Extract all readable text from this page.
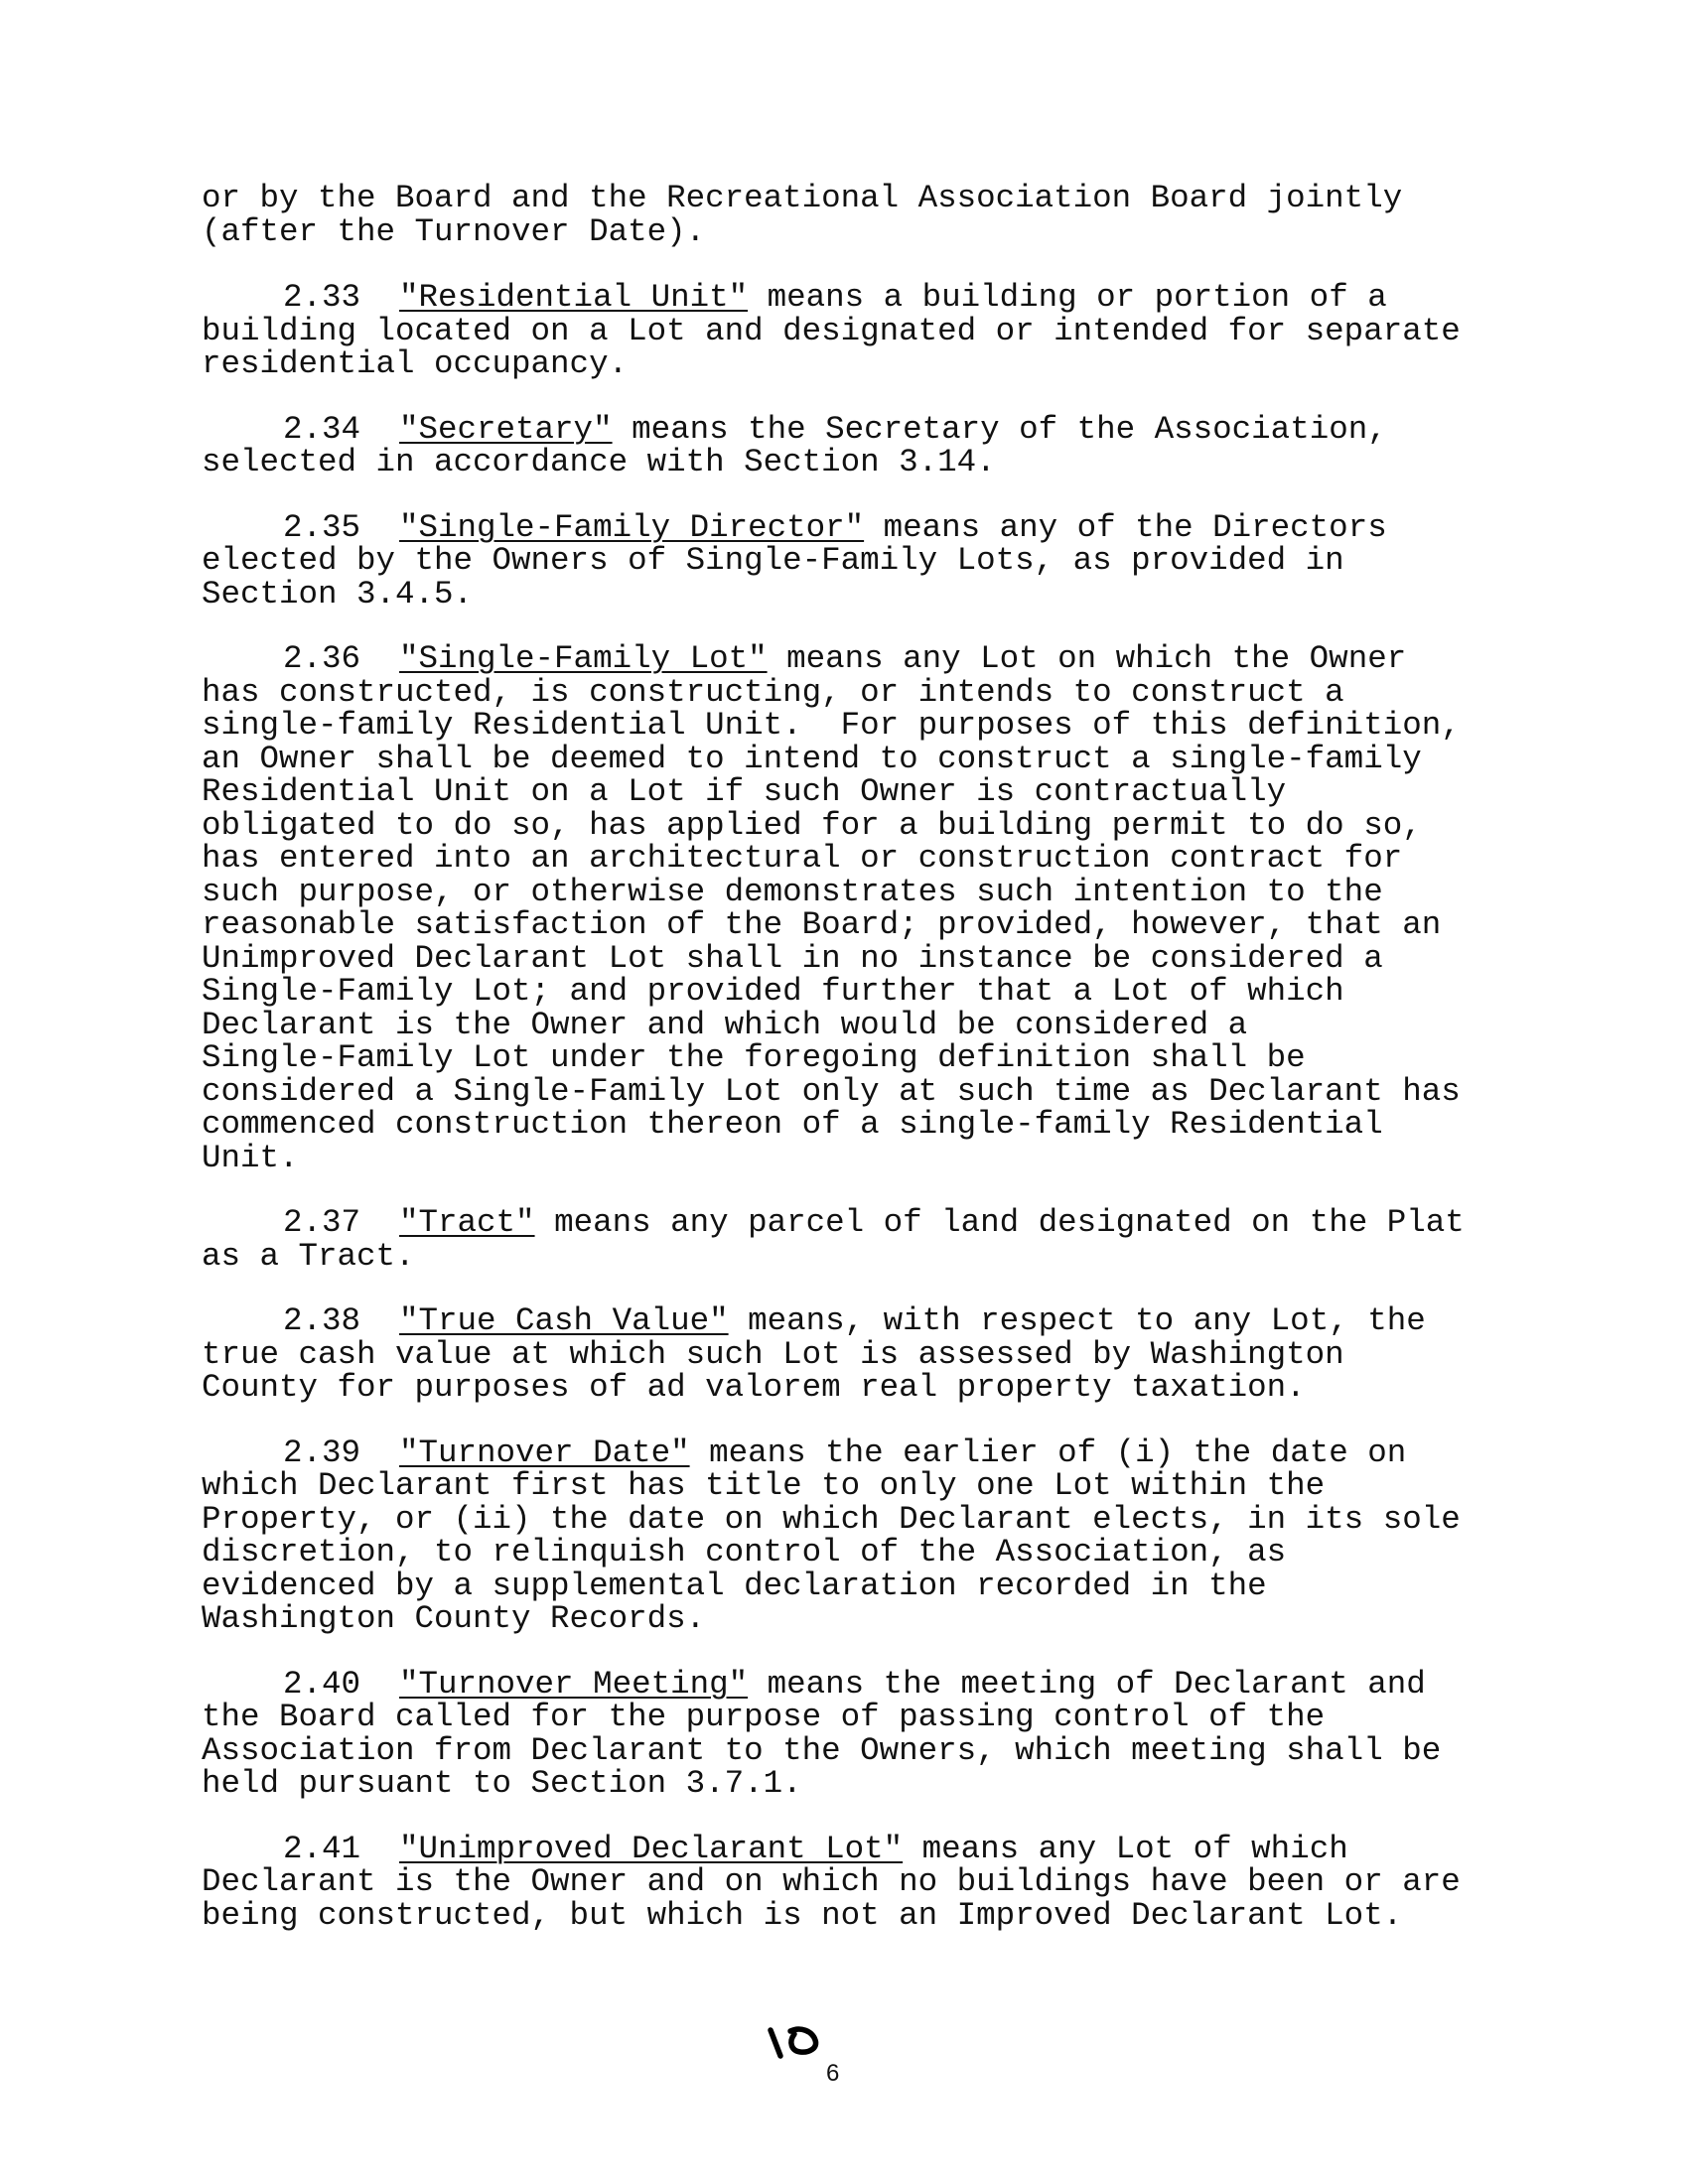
or by the Board and the Recreational Association Board jointly
(after the Turnover Date).
2.33 "Residential Unit" means a building or portion of a
building located on a Lot and designated or intended for separate
residential occupancy.
2.34 "Secretary" means the Secretary of the Association,
selected in accordance with Section 3.14.
2.35 "Single-Family Director" means any of the Directors
elected by the Owners of Single-Family Lots, as provided in
Section 3.4.5.
2.36 "Single-Family Lot" means any Lot on which the Owner
has constructed, is constructing, or intends to construct a
single-family Residential Unit.  For purposes of this definition,
an Owner shall be deemed to intend to construct a single-family
Residential Unit on a Lot if such Owner is contractually
obligated to do so, has applied for a building permit to do so,
has entered into an architectural or construction contract for
such purpose, or otherwise demonstrates such intention to the
reasonable satisfaction of the Board; provided, however, that an
Unimproved Declarant Lot shall in no instance be considered a
Single-Family Lot; and provided further that a Lot of which
Declarant is the Owner and which would be considered a
Single-Family Lot under the foregoing definition shall be
considered a Single-Family Lot only at such time as Declarant has
commenced construction thereon of a single-family Residential
Unit.
2.37 "Tract" means any parcel of land designated on the Plat
as a Tract.
2.38 "True Cash Value" means, with respect to any Lot, the
true cash value at which such Lot is assessed by Washington
County for purposes of ad valorem real property taxation.
2.39 "Turnover Date" means the earlier of (i) the date on
which Declarant first has title to only one Lot within the
Property, or (ii) the date on which Declarant elects, in its sole
discretion, to relinquish control of the Association, as
evidenced by a supplemental declaration recorded in the
Washington County Records.
2.40 "Turnover Meeting" means the meeting of Declarant and
the Board called for the purpose of passing control of the
Association from Declarant to the Owners, which meeting shall be
held pursuant to Section 3.7.1.
2.41 "Unimproved Declarant Lot" means any Lot of which
Declarant is the Owner and on which no buildings have been or are
being constructed, but which is not an Improved Declarant Lot.
6
